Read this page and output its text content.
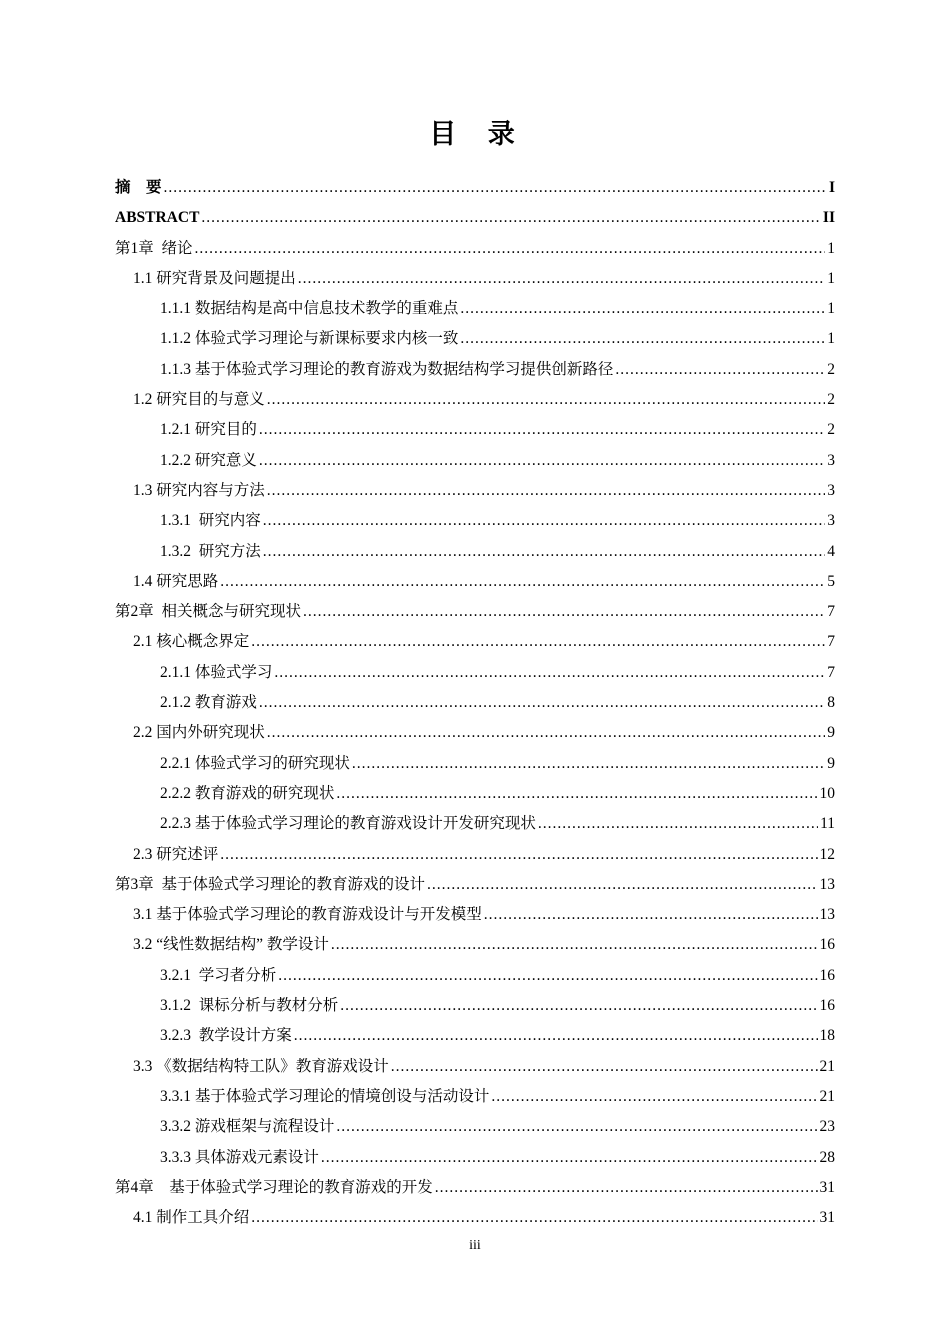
目  录
摘    要 .....	I
ABSTRACT .....	II
第1章  绪论 .....	1
1.1 研究背景及问题提出 .....	1
1.1.1 数据结构是高中信息技术教学的重难点 .....	1
1.1.2 体验式学习理论与新课标要求内核一致 .....	1
1.1.3 基于体验式学习理论的教育游戏为数据结构学习提供创新路径 .....	2
1.2 研究目的与意义 .....	2
1.2.1 研究目的 .....	2
1.2.2 研究意义 .....	3
1.3 研究内容与方法 .....	3
1.3.1  研究内容 .....	3
1.3.2  研究方法 .....	4
1.4 研究思路 .....	5
第2章  相关概念与研究现状 .....	7
2.1 核心概念界定 .....	7
2.1.1 体验式学习 .....	7
2.1.2 教育游戏 .....	8
2.2 国内外研究现状 .....	9
2.2.1 体验式学习的研究现状 .....	9
2.2.2 教育游戏的研究现状 .....	10
2.2.3 基于体验式学习理论的教育游戏设计开发研究现状 .....	11
2.3 研究述评 .....	12
第3章  基于体验式学习理论的教育游戏的设计 .....	13
3.1 基于体验式学习理论的教育游戏设计与开发模型 .....	13
3.2 “线性数据结构” 教学设计 .....	16
3.2.1  学习者分析 .....	16
3.1.2  课标分析与教材分析 .....	16
3.2.3  教学设计方案 .....	18
3.3 《数据结构特工队》教育游戏设计 .....	21
3.3.1 基于体验式学习理论的情境创设与活动设计 .....	21
3.3.2 游戏框架与流程设计 .....	23
3.3.3 具体游戏元素设计 .....	28
第4章    基于体验式学习理论的教育游戏的开发 .....	31
4.1 制作工具介绍 .....	31
iii
